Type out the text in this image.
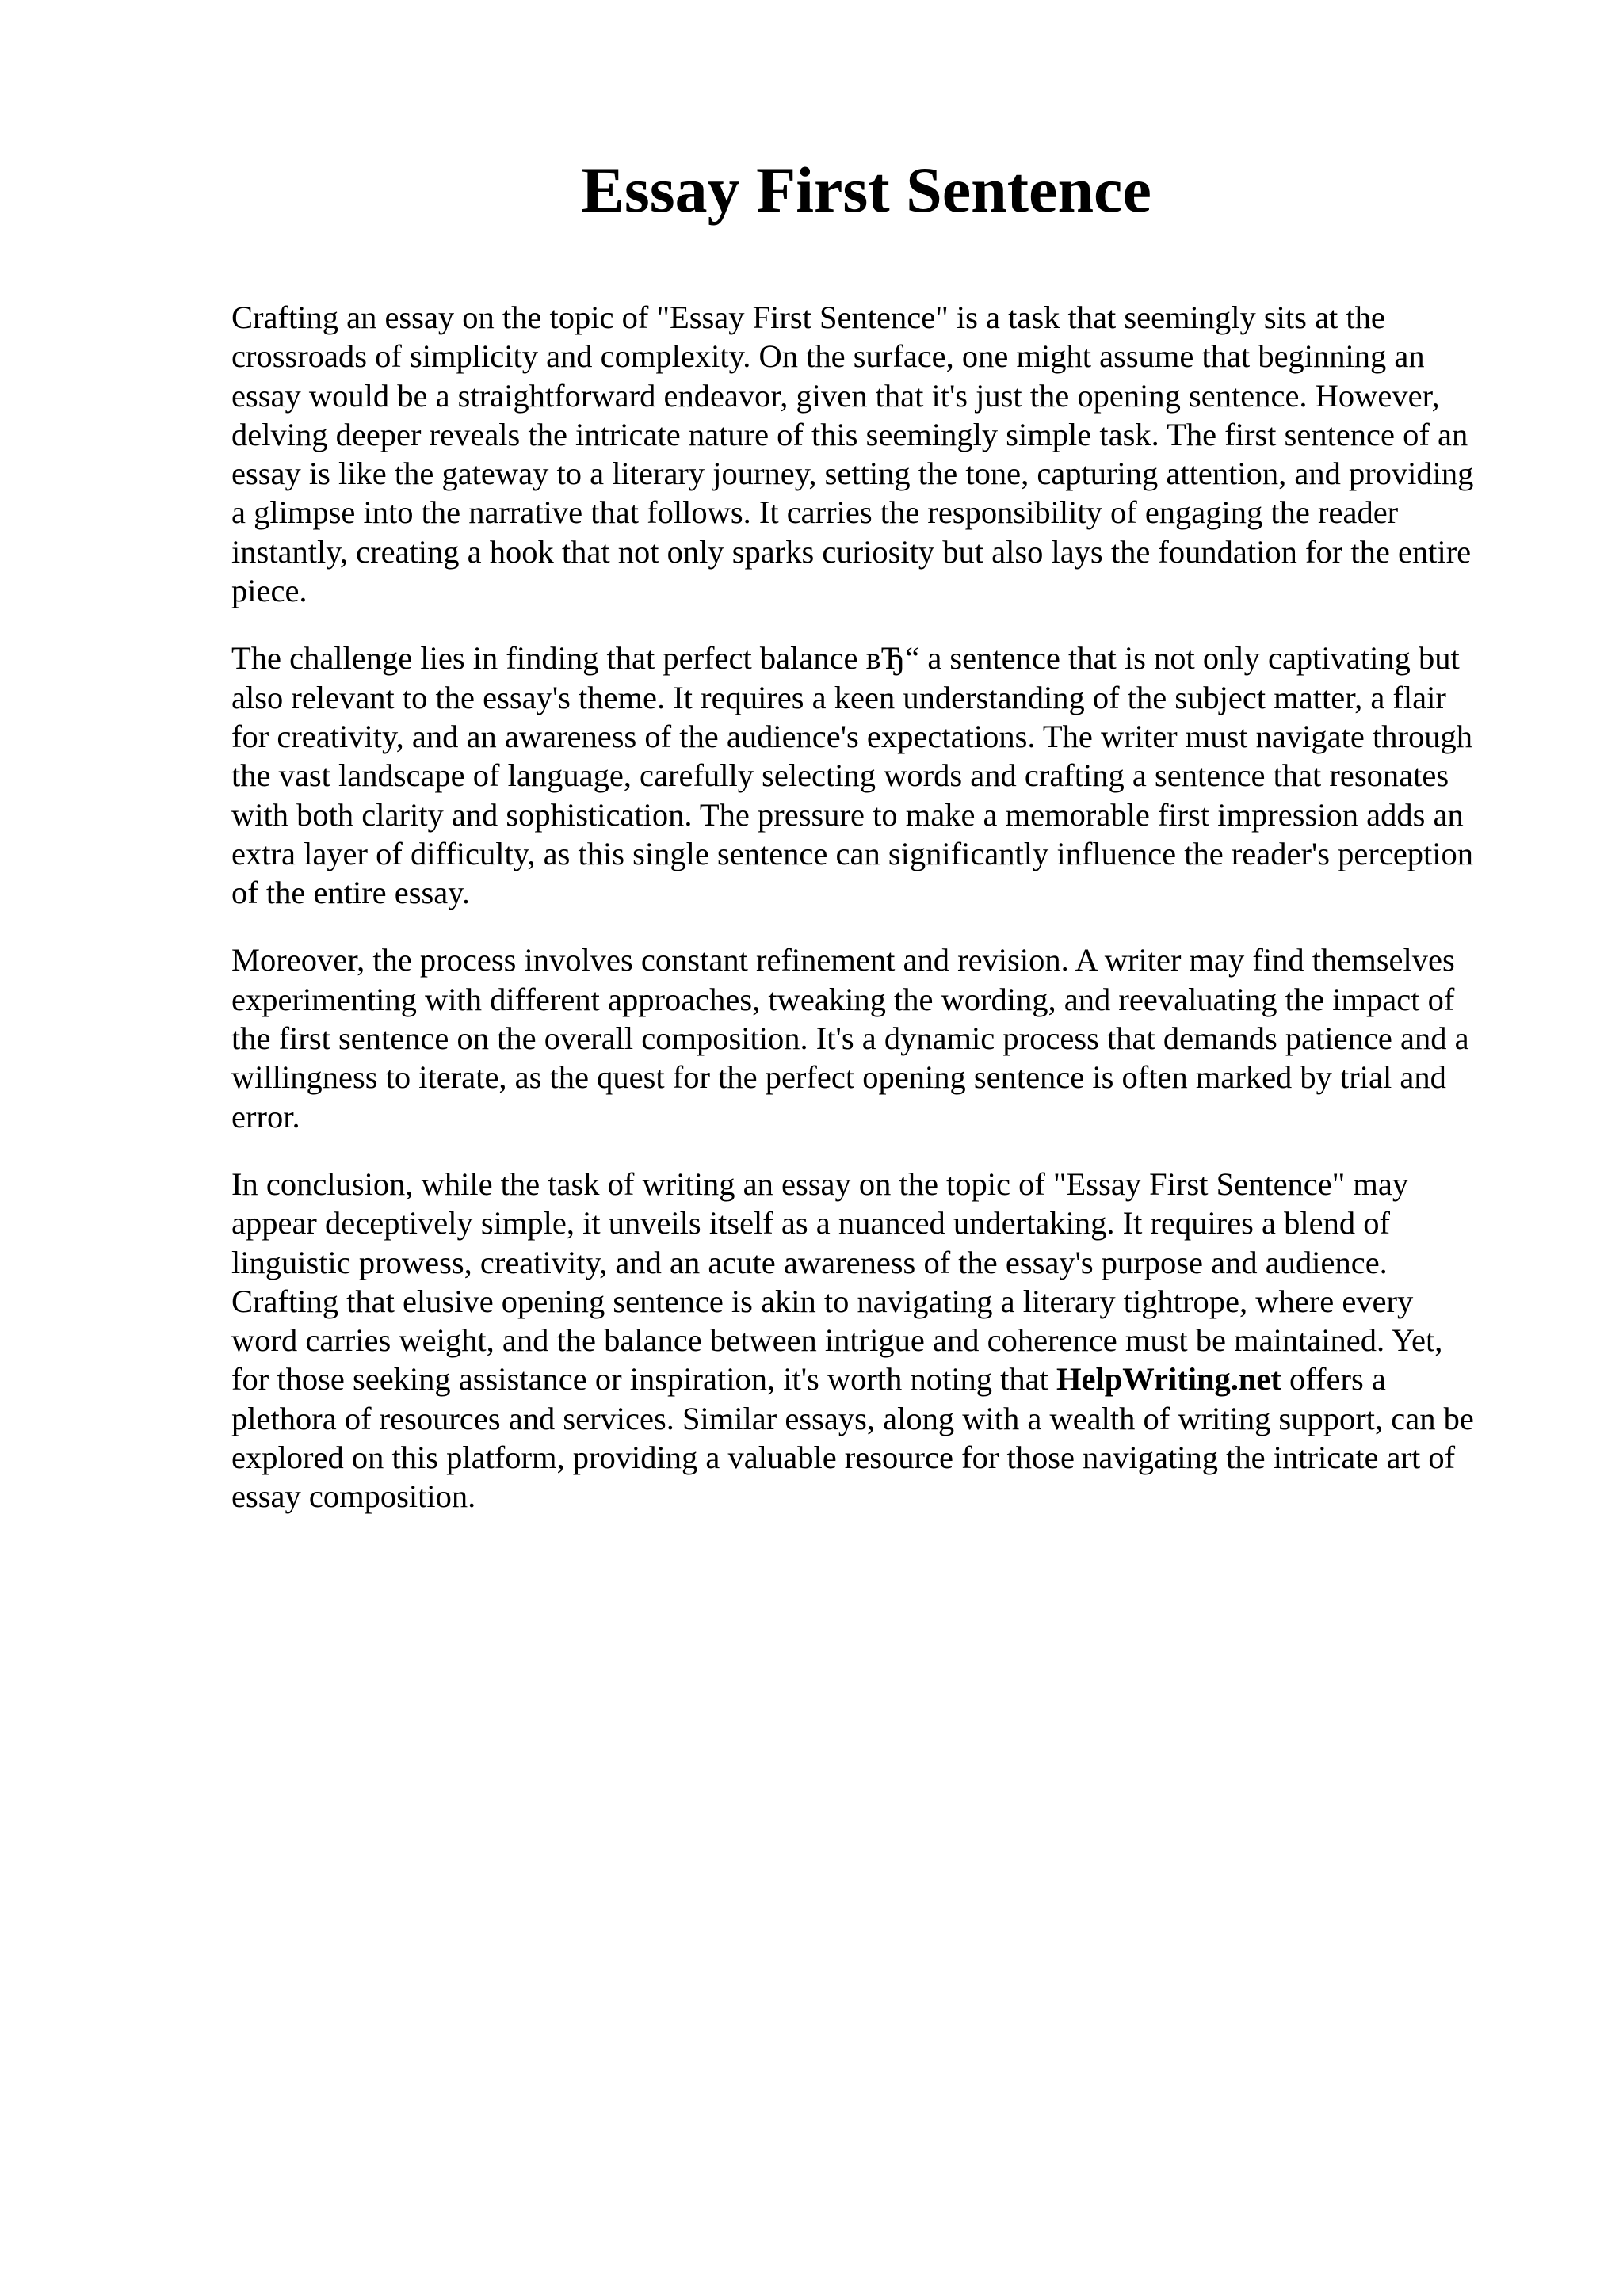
Essay First Sentence

Crafting an essay on the topic of "Essay First Sentence" is a task that seemingly sits at the
crossroads of simplicity and complexity. On the surface, one might assume that beginning an
essay would be a straightforward endeavor, given that it's just the opening sentence. However,
delving deeper reveals the intricate nature of this seemingly simple task. The first sentence of an
essay is like the gateway to a literary journey, setting the tone, capturing attention, and providing
a glimpse into the narrative that follows. It carries the responsibility of engaging the reader
instantly, creating a hook that not only sparks curiosity but also lays the foundation for the entire
piece.

The challenge lies in finding that perfect balance вЂ“ a sentence that is not only captivating but
also relevant to the essay's theme. It requires a keen understanding of the subject matter, a flair
for creativity, and an awareness of the audience's expectations. The writer must navigate through
the vast landscape of language, carefully selecting words and crafting a sentence that resonates
with both clarity and sophistication. The pressure to make a memorable first impression adds an
extra layer of difficulty, as this single sentence can significantly influence the reader's perception
of the entire essay.

Moreover, the process involves constant refinement and revision. A writer may find themselves
experimenting with different approaches, tweaking the wording, and reevaluating the impact of
the first sentence on the overall composition. It's a dynamic process that demands patience and a
willingness to iterate, as the quest for the perfect opening sentence is often marked by trial and
error.

In conclusion, while the task of writing an essay on the topic of "Essay First Sentence" may
appear deceptively simple, it unveils itself as a nuanced undertaking. It requires a blend of
linguistic prowess, creativity, and an acute awareness of the essay's purpose and audience.
Crafting that elusive opening sentence is akin to navigating a literary tightrope, where every
word carries weight, and the balance between intrigue and coherence must be maintained. Yet,
for those seeking assistance or inspiration, it's worth noting that HelpWriting.net offers a
plethora of resources and services. Similar essays, along with a wealth of writing support, can be
explored on this platform, providing a valuable resource for those navigating the intricate art of
essay composition.
